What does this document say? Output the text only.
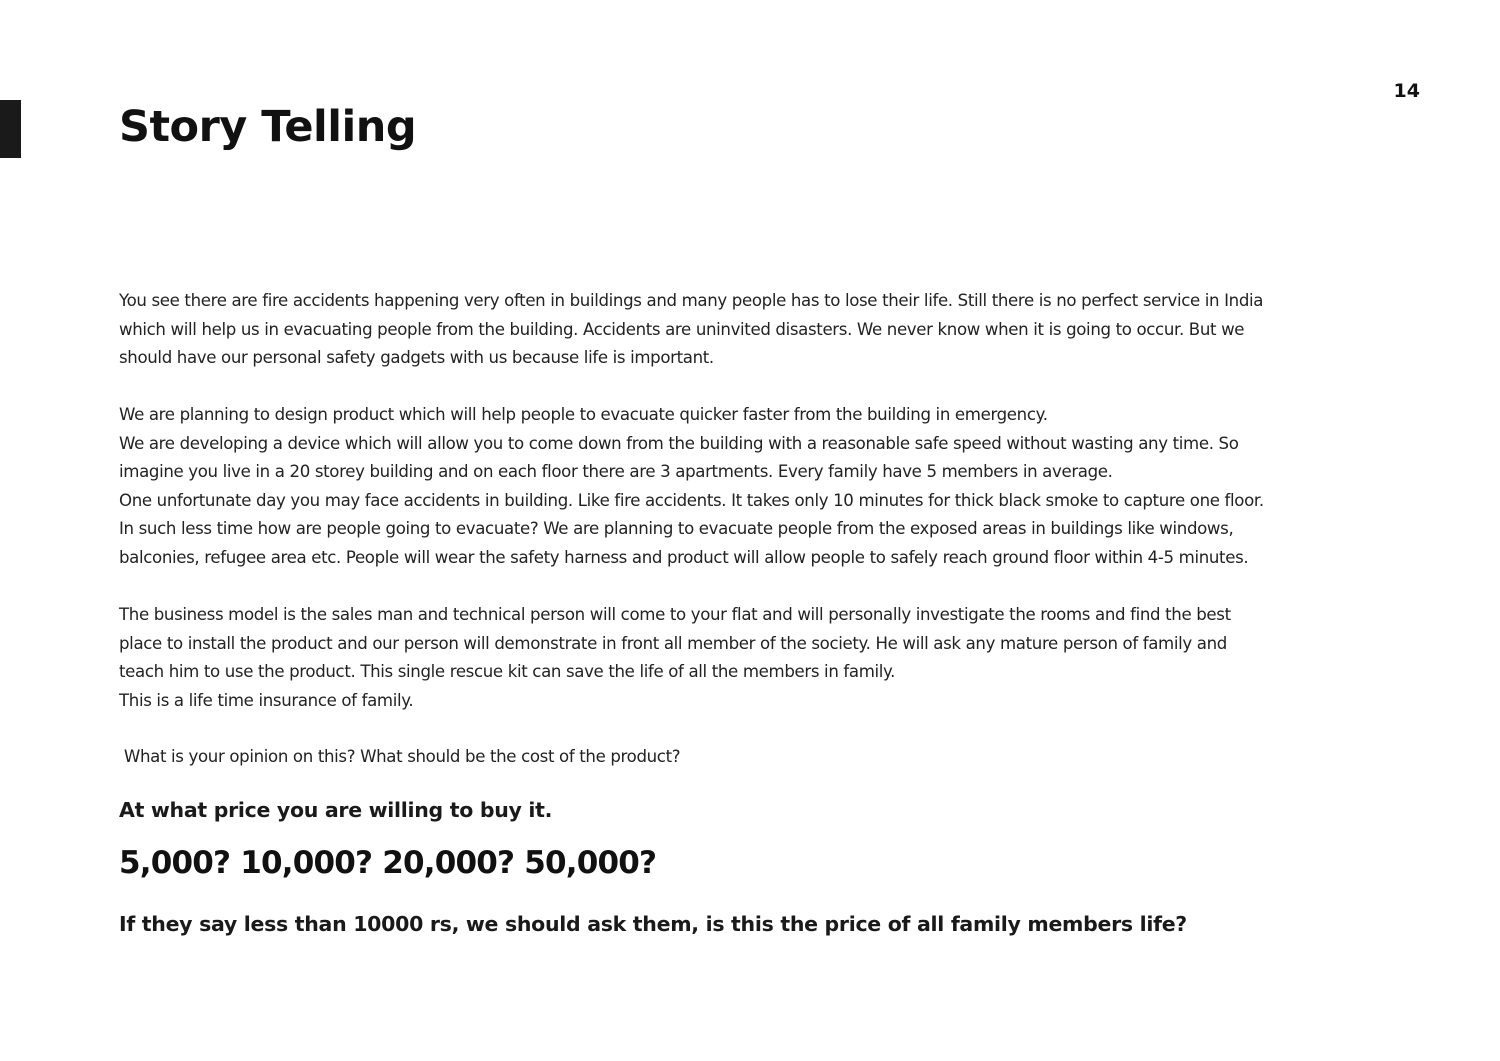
14
Story Telling
You see there are fire accidents happening very often in buildings and many people has to lose their life. Still there is no perfect service in India
which will help us in evacuating people from the building. Accidents are uninvited disasters. We never know when it is going to occur. But we
should have our personal safety gadgets with us because life is important.
We are planning to design product which will help people to evacuate quicker faster from the building in emergency.
We are developing a device which will allow you to come down from the building with a reasonable safe speed without wasting any time. So
imagine you live in a 20 storey building and on each floor there are 3 apartments. Every family have 5 members in average.
One unfortunate day you may face accidents in building. Like fire accidents. It takes only 10 minutes for thick black smoke to capture one floor.
In such less time how are people going to evacuate? We are planning to evacuate people from the exposed areas in buildings like windows,
balconies, refugee area etc. People will wear the safety harness and product will allow people to safely reach ground floor within 4-5 minutes.
The business model is the sales man and technical person will come to your flat and will personally investigate the rooms and find the best
place to install the product and our person will demonstrate in front all member of the society. He will ask any mature person of family and
teach him to use the product. This single rescue kit can save the life of all the members in family.
This is a life time insurance of family.
What is your opinion on this? What should be the cost of the product?
At what price you are willing to buy it.
5,000? 10,000? 20,000? 50,000?
If they say less than 10000 rs, we should ask them, is this the price of all family members life?
